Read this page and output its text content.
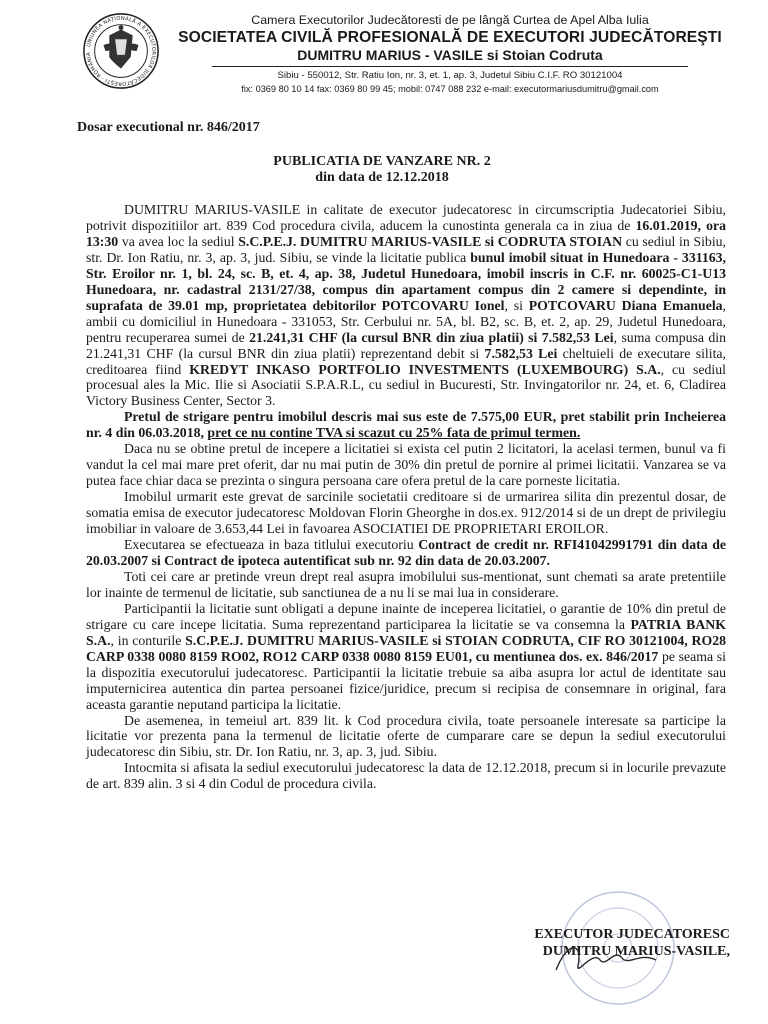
UNIUNEA NAŢIONALĂ A EXECUTORILOR JUDECĂTOREŞTI · ROMÂNIA
Camera Executorilor Judecătoresti de pe lângă Curtea de Apel Alba Iulia
SOCIETATEA CIVILĂ PROFESIONALĂ DE EXECUTORI JUDECĂTOREŞTI
DUMITRU MARIUS - VASILE si Stoian Codruta
Sibiu - 550012, Str. Ratiu Ion, nr. 3, et. 1, ap. 3, Judetul Sibiu C.I.F. RO 30121004
fix: 0369 80 10 14 fax: 0369 80 99 45; mobil: 0747 088 232 e-mail: executormariusdumitru@gmail.com
Dosar executional nr. 846/2017
PUBLICATIA DE VANZARE NR. 2
din data de 12.12.2018

DUMITRU MARIUS-VASILE in calitate de executor judecatoresc in circumscriptia Judecatoriei Sibiu, potrivit dispozitiilor art. 839 Cod procedura civila, aducem la cunostinta generala ca in ziua de 16.01.2019, ora 13:30 va avea loc la sediul S.C.P.E.J. DUMITRU MARIUS-VASILE si CODRUTA STOIAN cu sediul in Sibiu, str. Dr. Ion Ratiu, nr. 3, ap. 3, jud. Sibiu, se vinde la licitatie publica bunul imobil situat in Hunedoara - 331163, Str. Eroilor nr. 1, bl. 24, sc. B, et. 4, ap. 38, Judetul Hunedoara, imobil inscris in C.F. nr. 60025-C1-U13 Hunedoara, nr. cadastral 2131/27/38, compus din apartament compus din 2 camere si dependinte, in suprafata de 39.01 mp, proprietatea debitorilor POTCOVARU Ionel, si POTCOVARU Diana Emanuela, ambii cu domiciliul in Hunedoara - 331053, Str. Cerbului nr. 5A, bl. B2, sc. B, et. 2, ap. 29, Judetul Hunedoara, pentru recuperarea sumei de 21.241,31 CHF (la cursul BNR din ziua platii) si 7.582,53 Lei, suma compusa din 21.241,31 CHF (la cursul BNR din ziua platii) reprezentand debit si 7.582,53 Lei cheltuieli de executare silita, creditoarea fiind KREDYT INKASO PORTFOLIO INVESTMENTS (LUXEMBOURG) S.A., cu sediul procesual ales la Mic. Ilie si Asociatii S.P.A.R.L, cu sediul in Bucuresti, Str. Invingatorilor nr. 24, et. 6, Cladirea Victory Business Center, Sector 3.

Pretul de strigare pentru imobilul descris mai sus este de 7.575,00 EUR, pret stabilit prin Incheierea nr. 4 din 06.03.2018, pret ce nu contine TVA si scazut cu 25% fata de primul termen.

Daca nu se obtine pretul de incepere a licitatiei si exista cel putin 2 licitatori, la acelasi termen, bunul va fi vandut la cel mai mare pret oferit, dar nu mai putin de 30% din pretul de pornire al primei licitatii. Vanzarea se va putea face chiar daca se prezinta o singura persoana care ofera pretul de la care porneste licitatia.

Imobilul urmarit este grevat de sarcinile societatii creditoare si de urmarirea silita din prezentul dosar, de somatia emisa de executor judecatoresc Moldovan Florin Gheorghe in dos.ex. 912/2014 si de un drept de privilegiu imobiliar in valoare de 3.653,44 Lei in favoarea ASOCIATIEI DE PROPRIETARI EROILOR.

Executarea se efectueaza in baza titlului executoriu Contract de credit nr. RFI41042991791 din data de 20.03.2007 si Contract de ipoteca autentificat sub nr. 92 din data de 20.03.2007.

Toti cei care ar pretinde vreun drept real asupra imobilului sus-mentionat, sunt chemati sa arate pretentiile lor inainte de termenul de licitatie, sub sanctiunea de a nu li se mai lua in considerare.

Participantii la licitatie sunt obligati a depune inainte de inceperea licitatiei, o garantie de 10% din pretul de strigare cu care incepe licitatia. Suma reprezentand participarea la licitatie se va consemna la PATRIA BANK S.A., in conturile S.C.P.E.J. DUMITRU MARIUS-VASILE si STOIAN CODRUTA, CIF RO 30121004, RO28 CARP 0338 0080 8159 RO02, RO12 CARP 0338 0080 8159 EU01, cu mentiunea dos. ex. 846/2017 pe seama si la dispozitia executorului judecatoresc. Participantii la licitatie trebuie sa aiba asupra lor actul de identitate sau imputernicirea autentica din partea persoanei fizice/juridice, precum si recipisa de consemnare in original, fara aceasta garantie neputand participa la licitatie.

De asemenea, in temeiul art. 839 lit. k Cod procedura civila, toate persoanele interesate sa participe la licitatie vor prezenta pana la termenul de licitatie oferte de cumparare care se depun la sediul executorului judecatoresc din Sibiu, str. Dr. Ion Ratiu, nr. 3, ap. 3, jud. Sibiu.

Intocmita si afisata la sediul executorului judecatoresc la data de 12.12.2018, precum si in locurile prevazute de art. 839 alin. 3 si 4 din Codul de procedura civila.

EXECUTOR JUDECATORESC
DUMITRU MARIUS-VASILE,
